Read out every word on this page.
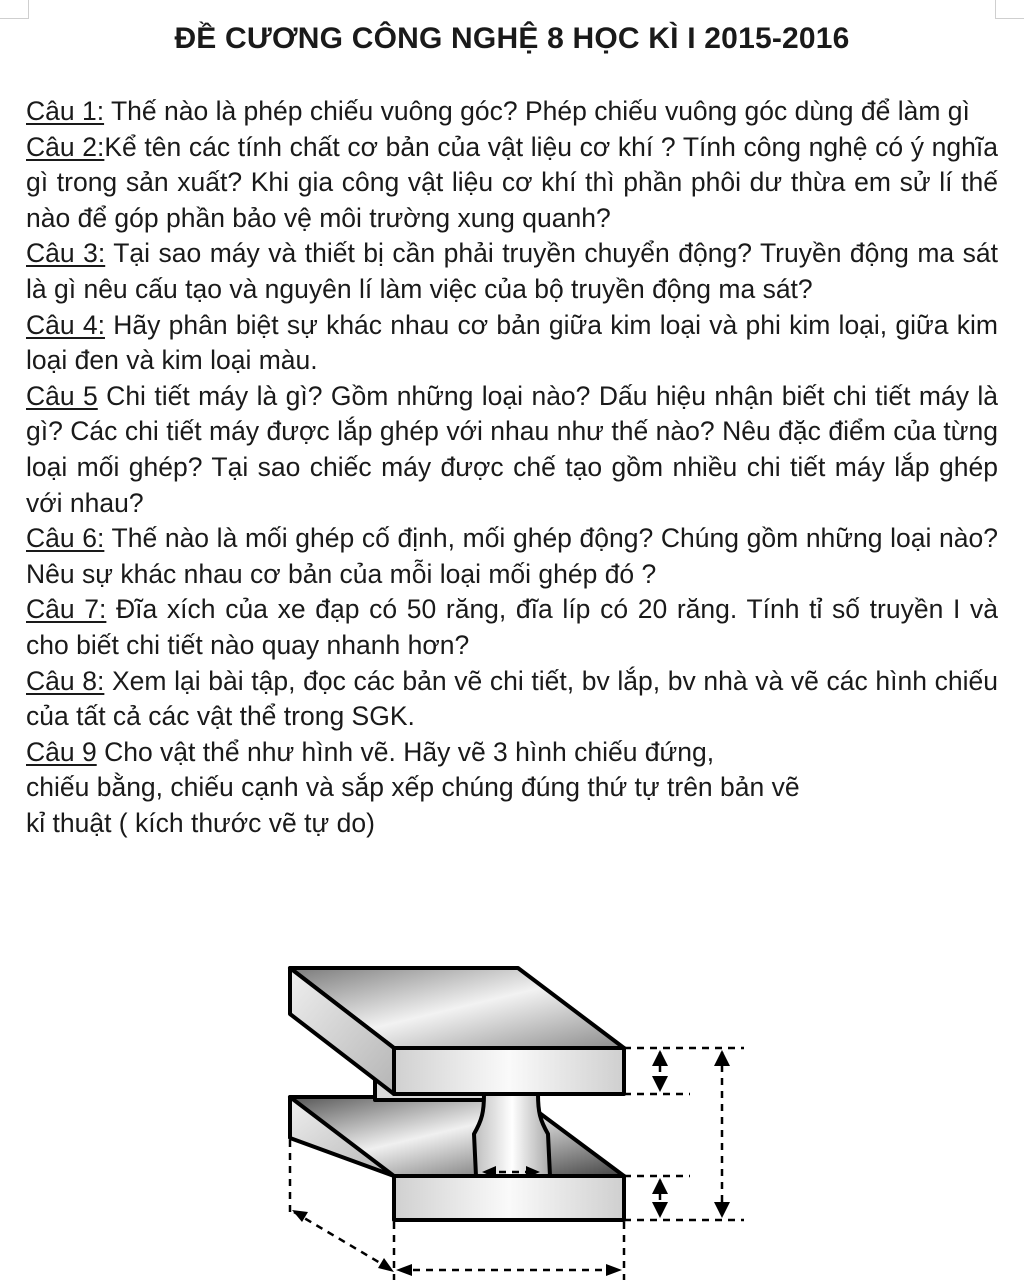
ĐỀ CƯƠNG CÔNG NGHỆ 8 HỌC KÌ I 2015-2016

Câu 1: Thế nào là phép chiếu vuông góc? Phép chiếu vuông góc dùng để làm gì

Câu 2:Kể tên các tính chất cơ bản của vật liệu cơ khí ? Tính công nghệ có ý nghĩa gì trong sản xuất? Khi gia công vật liệu cơ khí thì phần phôi dư thừa em sử lí thế nào để góp phần bảo vệ môi trường xung quanh?

Câu 3: Tại sao máy và thiết bị cần phải truyền chuyển động? Truyền động ma sát là gì nêu cấu tạo và nguyên lí làm việc của bộ truyền động ma sát?

Câu 4: Hãy phân biệt sự khác nhau cơ bản giữa kim loại và phi kim loại, giữa kim loại đen và kim loại màu.

Câu 5 Chi tiết máy là gì? Gồm những loại nào? Dấu hiệu nhận biết chi tiết máy là gì? Các chi tiết máy được lắp ghép với nhau như thế nào? Nêu đặc điểm của từng loại mối ghép? Tại sao chiếc máy được chế tạo gồm nhiều chi tiết máy lắp ghép với nhau?

Câu 6: Thế nào là mối ghép cố định, mối ghép động? Chúng gồm những loại nào? Nêu sự khác nhau cơ bản của mỗi loại mối ghép đó ?

Câu 7: Đĩa xích của xe đạp có 50 răng, đĩa líp có 20 răng. Tính tỉ số truyền I và cho biết chi tiết nào quay nhanh hơn?

Câu 8: Xem lại bài tập, đọc các bản vẽ chi tiết, bv lắp, bv nhà và vẽ các hình chiếu của tất cả các vật thể trong SGK.

Câu 9 Cho vật thể như hình vẽ. Hãy vẽ 3 hình chiếu đứng,
chiếu bằng, chiếu cạnh và sắp xếp chúng đúng thứ tự trên bản vẽ
kỉ thuật ( kích thước vẽ tự do)
